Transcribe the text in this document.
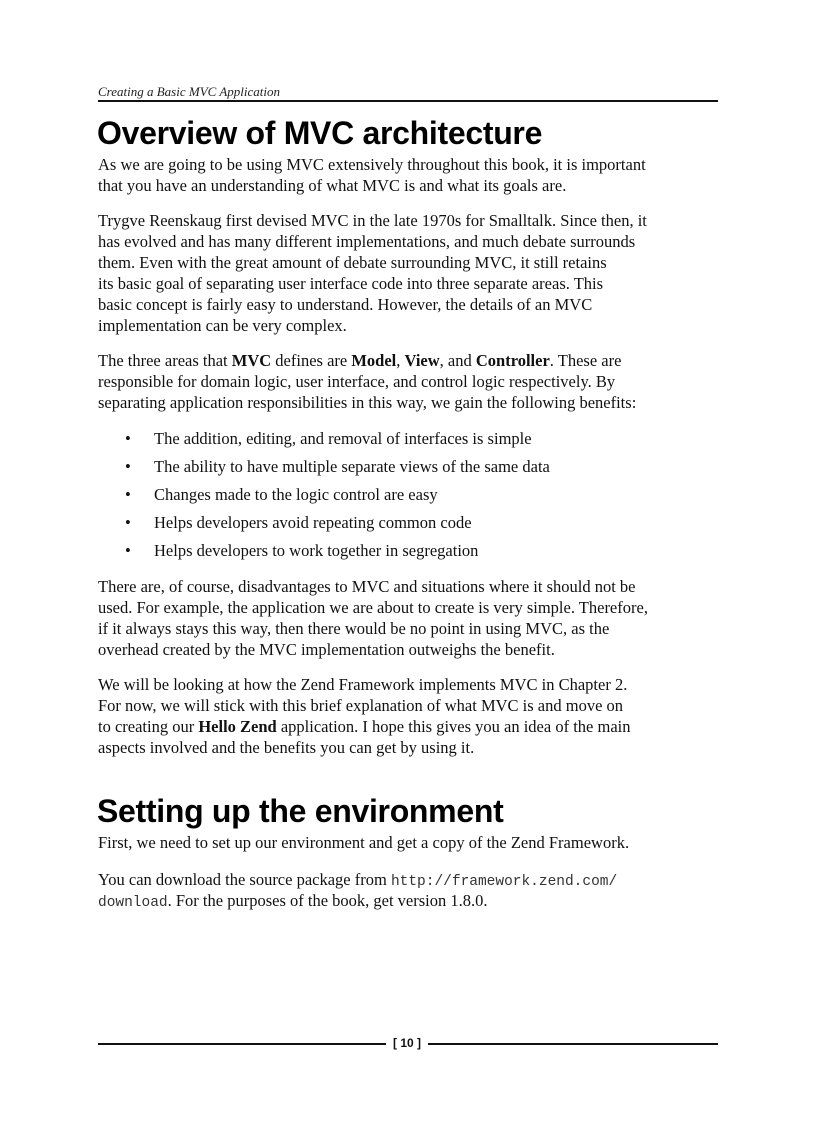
Creating a Basic MVC Application
Overview of MVC architecture
As we are going to be using MVC extensively throughout this book, it is important
that you have an understanding of what MVC is and what its goals are.
Trygve Reenskaug first devised MVC in the late 1970s for Smalltalk. Since then, it
has evolved and has many different implementations, and much debate surrounds
them. Even with the great amount of debate surrounding MVC, it still retains
its basic goal of separating user interface code into three separate areas. This
basic concept is fairly easy to understand. However, the details of an MVC
implementation can be very complex.
The three areas that MVC defines are Model, View, and Controller. These are
responsible for domain logic, user interface, and control logic respectively. By
separating application responsibilities in this way, we gain the following benefits:
• The addition, editing, and removal of interfaces is simple
• The ability to have multiple separate views of the same data
• Changes made to the logic control are easy
• Helps developers avoid repeating common code
• Helps developers to work together in segregation
There are, of course, disadvantages to MVC and situations where it should not be
used. For example, the application we are about to create is very simple. Therefore,
if it always stays this way, then there would be no point in using MVC, as the
overhead created by the MVC implementation outweighs the benefit.
We will be looking at how the Zend Framework implements MVC in Chapter 2.
For now, we will stick with this brief explanation of what MVC is and move on
to creating our Hello Zend application. I hope this gives you an idea of the main
aspects involved and the benefits you can get by using it.
Setting up the environment
First, we need to set up our environment and get a copy of the Zend Framework.
You can download the source package from http://framework.zend.com/
download. For the purposes of the book, get version 1.8.0.
[ 10 ]
